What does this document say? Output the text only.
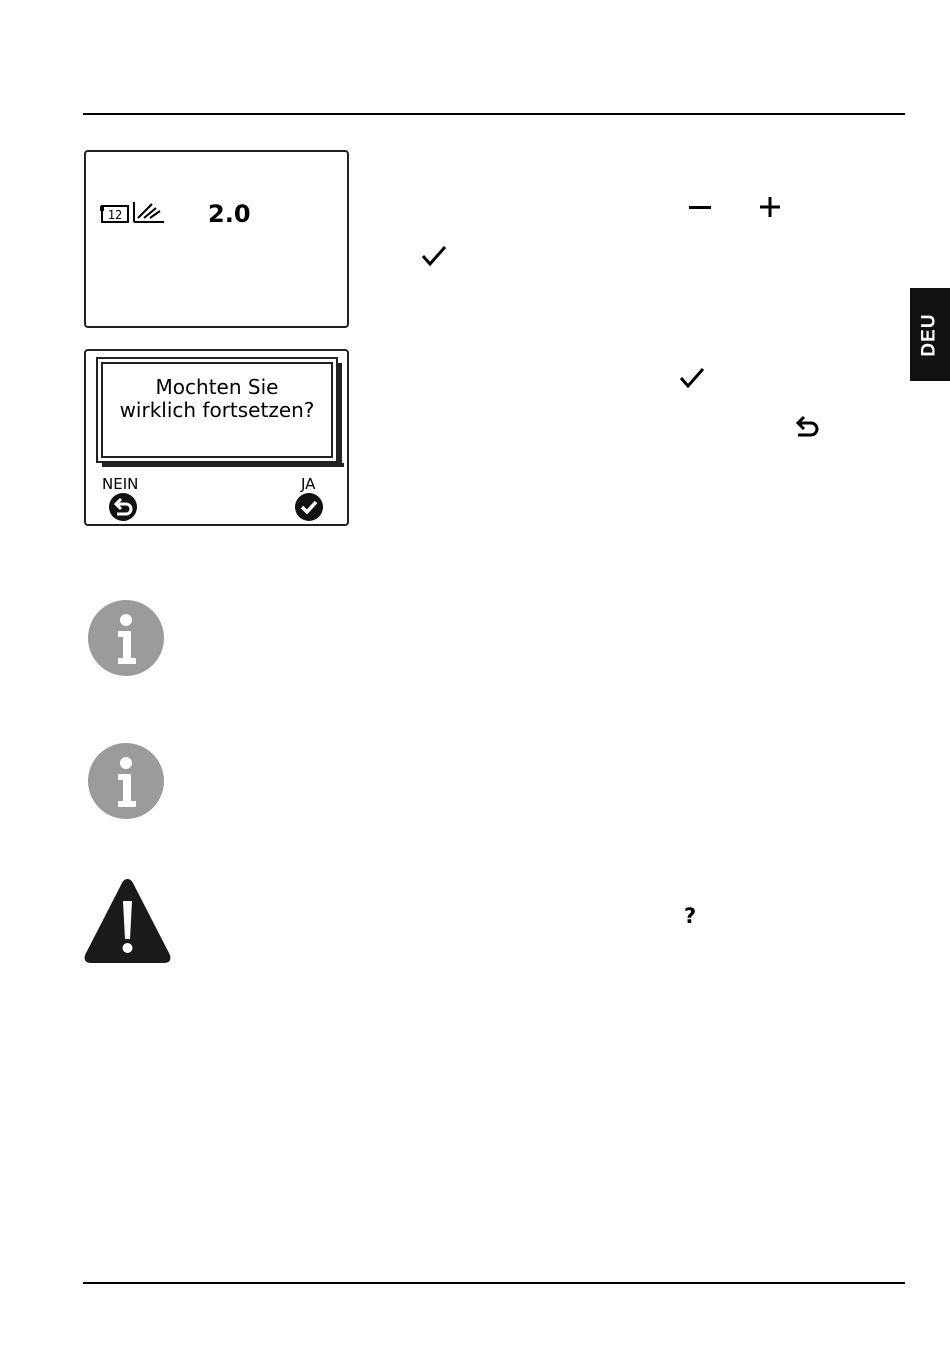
DEU
12	2.0
Mochten Sie wirklich fortsetzen?
NEIN	JA
?
